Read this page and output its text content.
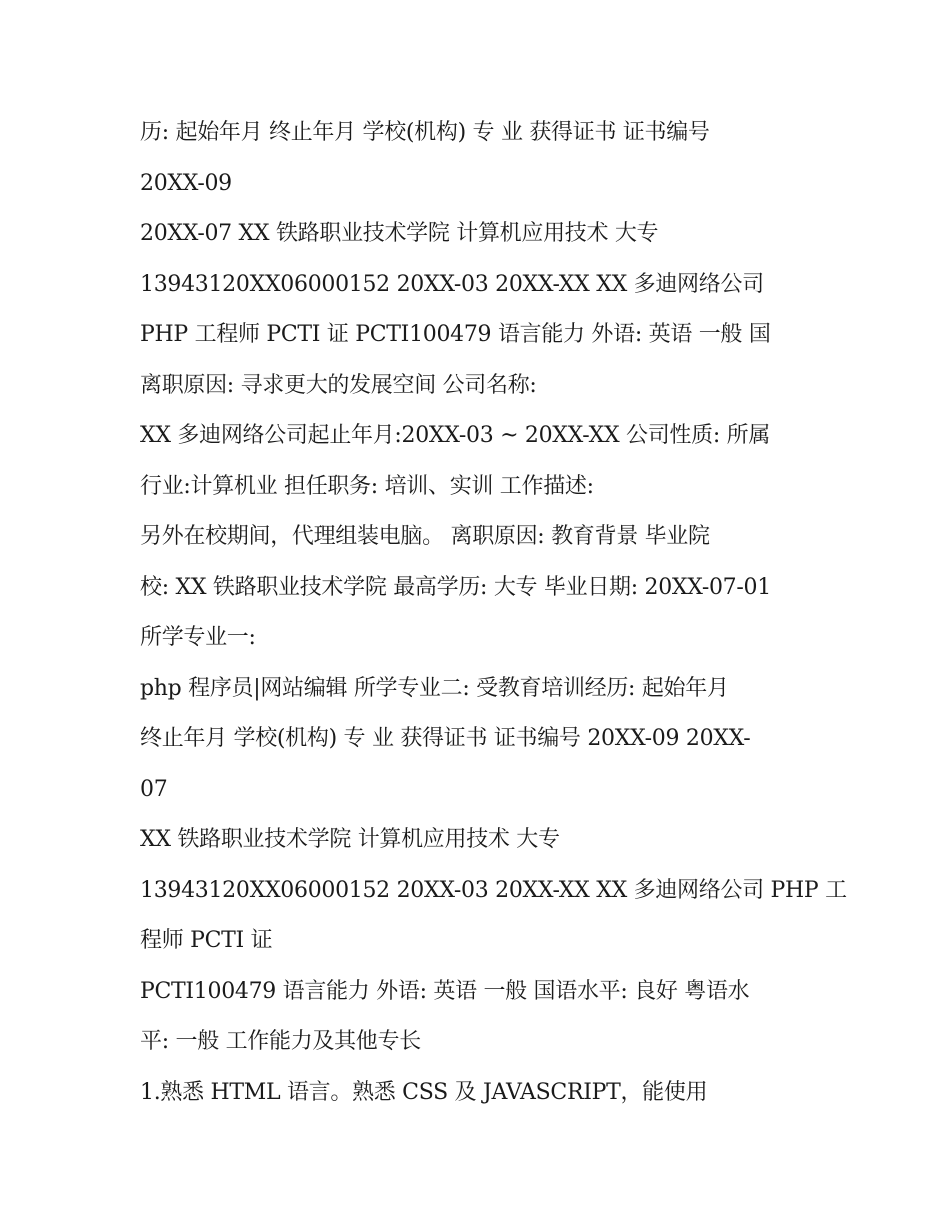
历: 起始年月 终止年月 学校(机构) 专 业 获得证书 证书编号
20XX-09
20XX-07 XX 铁路职业技术学院 计算机应用技术 大专
13943120XX06000152 20XX-03 20XX-XX XX 多迪网络公司
PHP 工程师 PCTI 证 PCTI100479 语言能力 外语: 英语 一般 国
离职原因: 寻求更大的发展空间 公司名称:
XX 多迪网络公司起止年月:20XX-03 ~ 20XX-XX 公司性质: 所属
行业:计算机业 担任职务: 培训、实训 工作描述:
另外在校期间，代理组装电脑。 离职原因: 教育背景 毕业院
校: XX 铁路职业技术学院 最高学历: 大专 毕业日期: 20XX-07-01
所学专业一:
php 程序员|网站编辑 所学专业二: 受教育培训经历: 起始年月
终止年月 学校(机构) 专 业 获得证书 证书编号 20XX-09 20XX-
07
XX 铁路职业技术学院 计算机应用技术 大专
13943120XX06000152 20XX-03 20XX-XX XX 多迪网络公司 PHP 工
程师 PCTI 证
PCTI100479 语言能力 外语: 英语 一般 国语水平: 良好 粤语水
平: 一般 工作能力及其他专长
1.熟悉 HTML 语言。熟悉 CSS 及 JAVASCRIPT，能使用
